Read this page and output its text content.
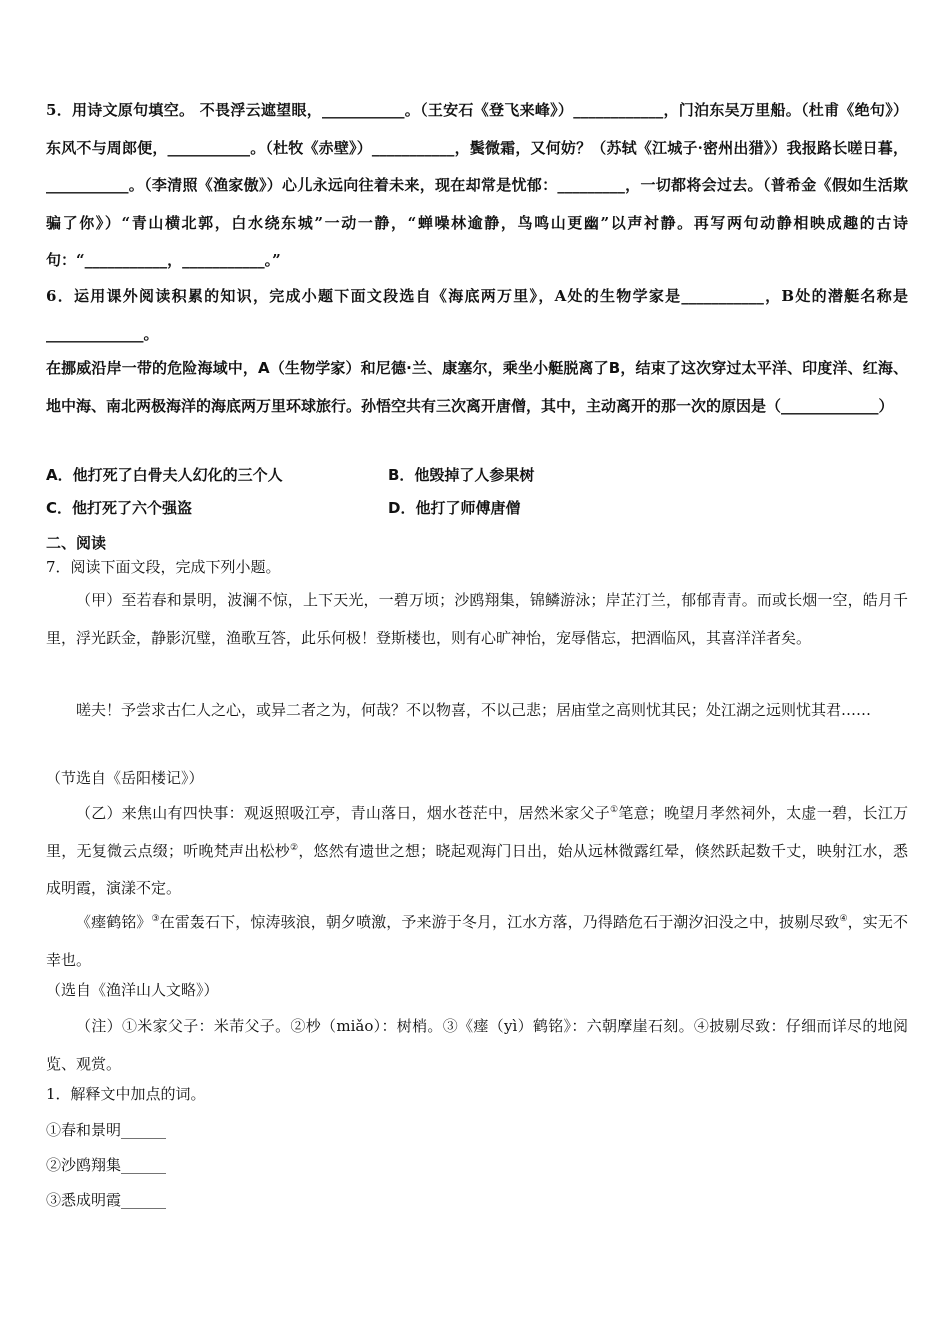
5．用诗文原句填空。 不畏浮云遮望眼，___________。（王安石《登飞来峰》）____________，门泊东吴万里船。（杜甫《绝句》）东风不与周郎便，___________。（杜牧《赤壁》）___________，鬓微霜，又何妨？（苏轼《江城子·密州出猎》）我报路长嗟日暮，___________。（李清照《渔家傲》）心儿永远向往着未来，现在却常是忧郁：_________，一切都将会过去。（普希金《假如生活欺骗了你》）“青山横北郭，白水绕东城”一动一静，“蝉噪林逾静，鸟鸣山更幽”以声衬静。再写两句动静相映成趣的古诗句：“___________，___________。”

6．运用课外阅读积累的知识，完成小题下面文段选自《海底两万里》，A处的生物学家是___________，B处的潜艇名称是_____________。

在挪威沿岸一带的危险海域中，A（生物学家）和尼德·兰、康塞尔，乘坐小艇脱离了B，结束了这次穿过太平洋、印度洋、红海、地中海、南北两极海洋的海底两万里环球旅行。孙悟空共有三次离开唐僧，其中，主动离开的那一次的原因是（_____________）

A．他打死了白骨夫人幻化的三个人	B．他毁掉了人参果树
C．他打死了六个强盗	D．他打了师傅唐僧
二、阅读
7．阅读下面文段，完成下列小题。

（甲）至若春和景明，波澜不惊，上下天光，一碧万顷；沙鸥翔集，锦鳞游泳；岸芷汀兰，郁郁青青。而或长烟一空，皓月千里，浮光跃金，静影沉璧，渔歌互答，此乐何极！登斯楼也，则有心旷神怡，宠辱偕忘，把酒临风，其喜洋洋者矣。

嗟夫！予尝求古仁人之心，或异二者之为，何哉？不以物喜，不以己悲；居庙堂之高则忧其民；处江湖之远则忧其君……

（节选自《岳阳楼记》）

（乙）来焦山有四快事：观返照吸江亭，青山落日，烟水苍茫中，居然米家父子①笔意；晚望月孝然祠外，太虚一碧，长江万里，无复微云点缀；听晚梵声出松杪②，悠然有遗世之想；晓起观海门日出，始从远林微露红晕，倏然跃起数千丈，映射江水，悉成明霞，演漾不定。

《瘗鹤铭》③在雷轰石下，惊涛骇浪，朝夕喷激，予来游于冬月，江水方落，乃得踏危石于潮汐汩没之中，披剔尽致④，实无不幸也。

（选自《渔洋山人文略》）

（注）①米家父子：米芾父子。②杪（miǎo）：树梢。③《瘗（yì）鹤铭》：六朝摩崖石刻。④披剔尽致：仔细而详尽的地阅览、观赏。

1．解释文中加点的词。
①春和景明______
②沙鸥翔集______
③悉成明霞______
